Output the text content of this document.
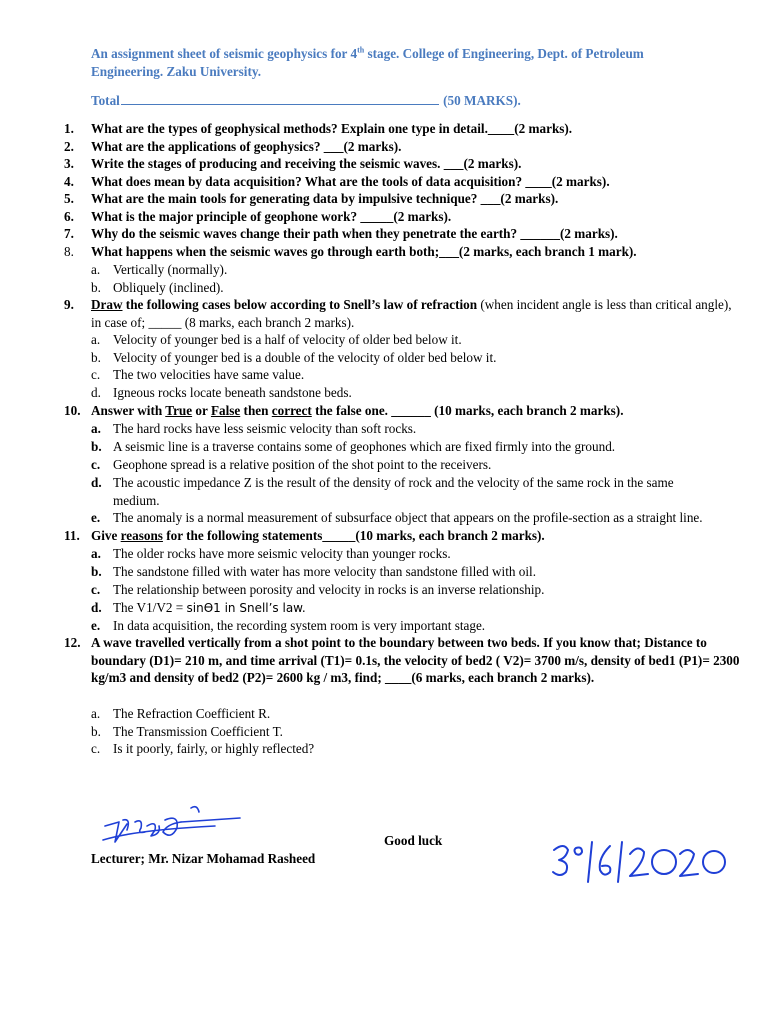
An assignment sheet of seismic geophysics for 4th stage. College of Engineering, Dept. of Petroleum Engineering. Zaku University.
Total	(50 MARKS).
1.	What are the types of geophysical methods? Explain one type in detail.____(2 marks).
2.	What are the applications of geophysics? ___(2 marks).
3.	Write the stages of producing and receiving the seismic waves. ___(2 marks).
4.	What does mean by data acquisition? What are the tools of data acquisition? ____(2 marks).
5.	What are the main tools for generating data by impulsive technique? ___(2 marks).
6.	What is the major principle of geophone work? _____(2 marks).
7.	Why do the seismic waves change their path when they penetrate the earth? ______(2 marks).
8.	What happens when the seismic waves go through earth both;___(2 marks, each branch 1 mark).
a. Vertically (normally).
b. Obliquely (inclined).
9.	Draw the following cases below according to Snell’s law of refraction (when incident angle is less than critical angle), in case of; _____ (8 marks, each branch 2 marks).
a. Velocity of younger bed is a half of velocity of older bed below it.
b. Velocity of younger bed is a double of the velocity of older bed below it.
c. The two velocities have same value.
d. Igneous rocks locate beneath sandstone beds.
10. Answer with True or False then correct the false one. ______ (10 marks, each branch 2 marks).
a. The hard rocks have less seismic velocity than soft rocks.
b. A seismic line is a traverse contains some of geophones which are fixed firmly into the ground.
c. Geophone spread is a relative position of the shot point to the receivers.
d. The acoustic impedance Z is the result of the density of rock and the velocity of the same rock in the same medium.
e. The anomaly is a normal measurement of subsurface object that appears on the profile-section as a straight line.
11. Give reasons for the following statements_____(10 marks, each branch 2 marks).
a. The older rocks have more seismic velocity than younger rocks.
b. The sandstone filled with water has more velocity than sandstone filled with oil.
c. The relationship between porosity and velocity in rocks is an inverse relationship.
d. The V1/V2 = sinϴ1 in Snell’s law.
e. In data acquisition, the recording system room is very important stage.
12. A wave travelled vertically from a shot point to the boundary between two beds. If you know that; Distance to boundary (D1)= 210 m, and time arrival (T1)= 0.1s, the velocity of bed2 ( V2)= 3700 m/s, density of bed1 (P1)= 2300 kg/m3 and density of bed2 (P2)= 2600 kg / m3, find; ____(6 marks, each branch 2 marks).
a. The Refraction Coefficient R.
b. The Transmission Coefficient T.
c. Is it poorly, fairly, or highly reflected?
Good luck
Lecturer; Mr. Nizar Mohamad Rasheed
